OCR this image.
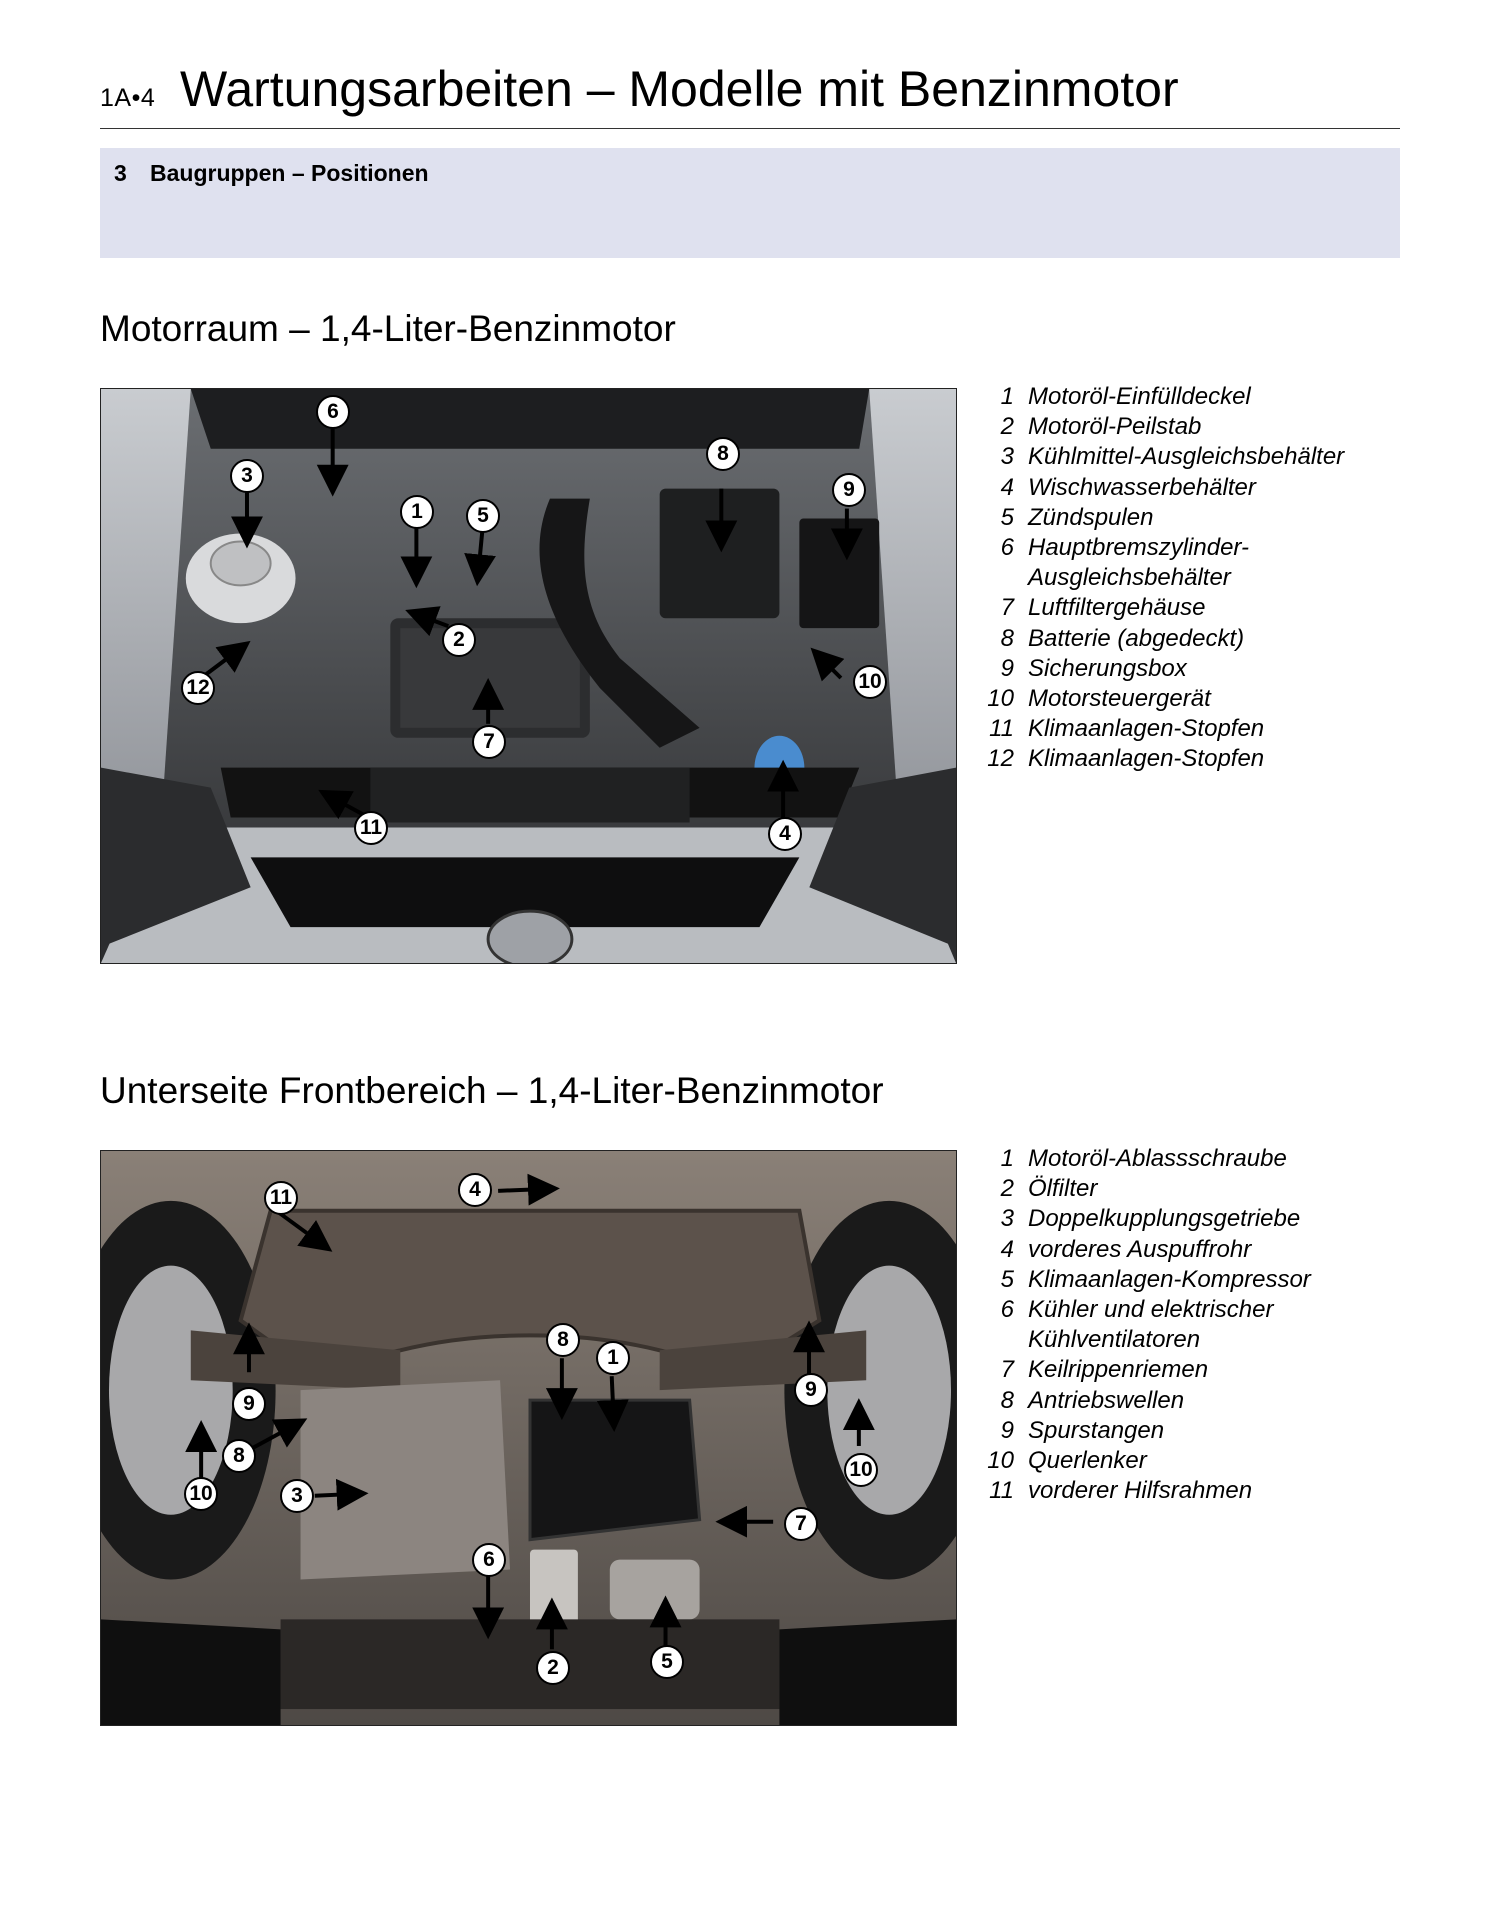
1A•4 Wartungsarbeiten – Modelle mit Benzinmotor
3 Baugruppen – Positionen
Motorraum – 1,4-Liter-Benzinmotor
6
3
1	5
8
9
2
10
12
7
11	4
1 Motoröl-Einfülldeckel
2 Motoröl-Peilstab
3 Kühlmittel-Ausgleichsbehälter
4 Wischwasserbehälter
5 Zündspulen
6 Hauptbremszylinder-
Ausgleichsbehälter
7 Luftfiltergehäuse
8 Batterie (abgedeckt)
9 Sicherungsbox
10 Motorsteuergerät
11 Klimaanlagen-Stopfen
12 Klimaanlagen-Stopfen
Unterseite Frontbereich – 1,4-Liter-Benzinmotor
11	4
8
1
9
9
8
10
3
10
7
6
2	5
1 Motoröl-Ablassschraube
2 Ölfilter
3 Doppelkupplungsgetriebe
4 vorderes Auspuffrohr
5 Klimaanlagen-Kompressor
6 Kühler und elektrischer
Kühlventilatoren
7 Keilrippenriemen
8 Antriebswellen
9 Spurstangen
10 Querlenker
11 vorderer Hilfsrahmen
